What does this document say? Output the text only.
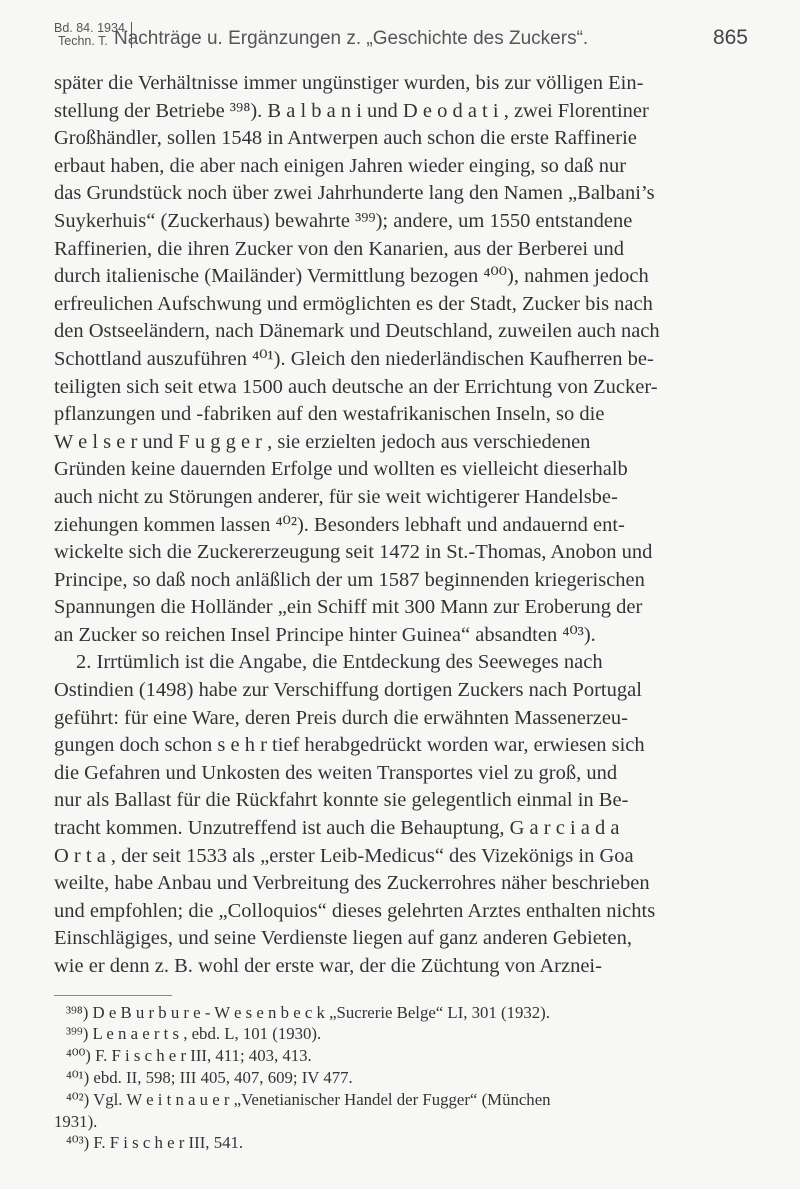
Bd. 84. 1934.
Techn. T. Nachträge u. Ergänzungen z. „Geschichte des Zuckers“.	865
später die Verhältnisse immer ungünstiger wurden, bis zur völligen Ein-
stellung der Betriebe ³⁹⁸). B a l b a n i und D e o d a t i , zwei Florentiner
Großhändler, sollen 1548 in Antwerpen auch schon die erste Raffinerie
erbaut haben, die aber nach einigen Jahren wieder einging, so daß nur
das Grundstück noch über zwei Jahrhunderte lang den Namen „Balbani’s
Suykerhuis“ (Zuckerhaus) bewahrte ³⁹⁹); andere, um 1550 entstandene
Raffinerien, die ihren Zucker von den Kanarien, aus der Berberei und
durch italienische (Mailänder) Vermittlung bezogen ⁴⁰⁰), nahmen jedoch
erfreulichen Aufschwung und ermöglichten es der Stadt, Zucker bis nach
den Ostseeländern, nach Dänemark und Deutschland, zuweilen auch nach
Schottland auszuführen ⁴⁰¹). Gleich den niederländischen Kaufherren be-
teiligten sich seit etwa 1500 auch deutsche an der Errichtung von Zucker-
pflanzungen und -fabriken auf den westafrikanischen Inseln, so die
W e l s e r und F u g g e r , sie erzielten jedoch aus verschiedenen
Gründen keine dauernden Erfolge und wollten es vielleicht dieserhalb
auch nicht zu Störungen anderer, für sie weit wichtigerer Handelsbe-
ziehungen kommen lassen ⁴⁰²). Besonders lebhaft und andauernd ent-
wickelte sich die Zuckererzeugung seit 1472 in St.-Thomas, Anobon und
Principe, so daß noch anläßlich der um 1587 beginnenden kriegerischen
Spannungen die Holländer „ein Schiff mit 300 Mann zur Eroberung der
an Zucker so reichen Insel Principe hinter Guinea“ absandten ⁴⁰³).
2. Irrtümlich ist die Angabe, die Entdeckung des Seeweges nach
Ostindien (1498) habe zur Verschiffung dortigen Zuckers nach Portugal
geführt: für eine Ware, deren Preis durch die erwähnten Massenerzeu-
gungen doch schon s e h r tief herabgedrückt worden war, erwiesen sich
die Gefahren und Unkosten des weiten Transportes viel zu groß, und
nur als Ballast für die Rückfahrt konnte sie gelegentlich einmal in Be-
tracht kommen. Unzutreffend ist auch die Behauptung, G a r c i a d a
O r t a , der seit 1533 als „erster Leib-Medicus“ des Vizekönigs in Goa
weilte, habe Anbau und Verbreitung des Zuckerrohres näher beschrieben
und empfohlen; die „Colloquios“ dieses gelehrten Arztes enthalten nichts
Einschlägiges, und seine Verdienste liegen auf ganz anderen Gebieten,
wie er denn z. B. wohl der erste war, der die Züchtung von Arznei-
³⁹⁸) D e B u r b u r e - W e s e n b e c k „Sucrerie Belge“ LI, 301 (1932).
³⁹⁹) L e n a e r t s , ebd. L, 101 (1930).
⁴⁰⁰) F. F i s c h e r III, 411; 403, 413.
⁴⁰¹) ebd. II, 598; III 405, 407, 609; IV 477.
⁴⁰²) Vgl. W e i t n a u e r „Venetianischer Handel der Fugger“ (München
1931).
⁴⁰³) F. F i s c h e r III, 541.
